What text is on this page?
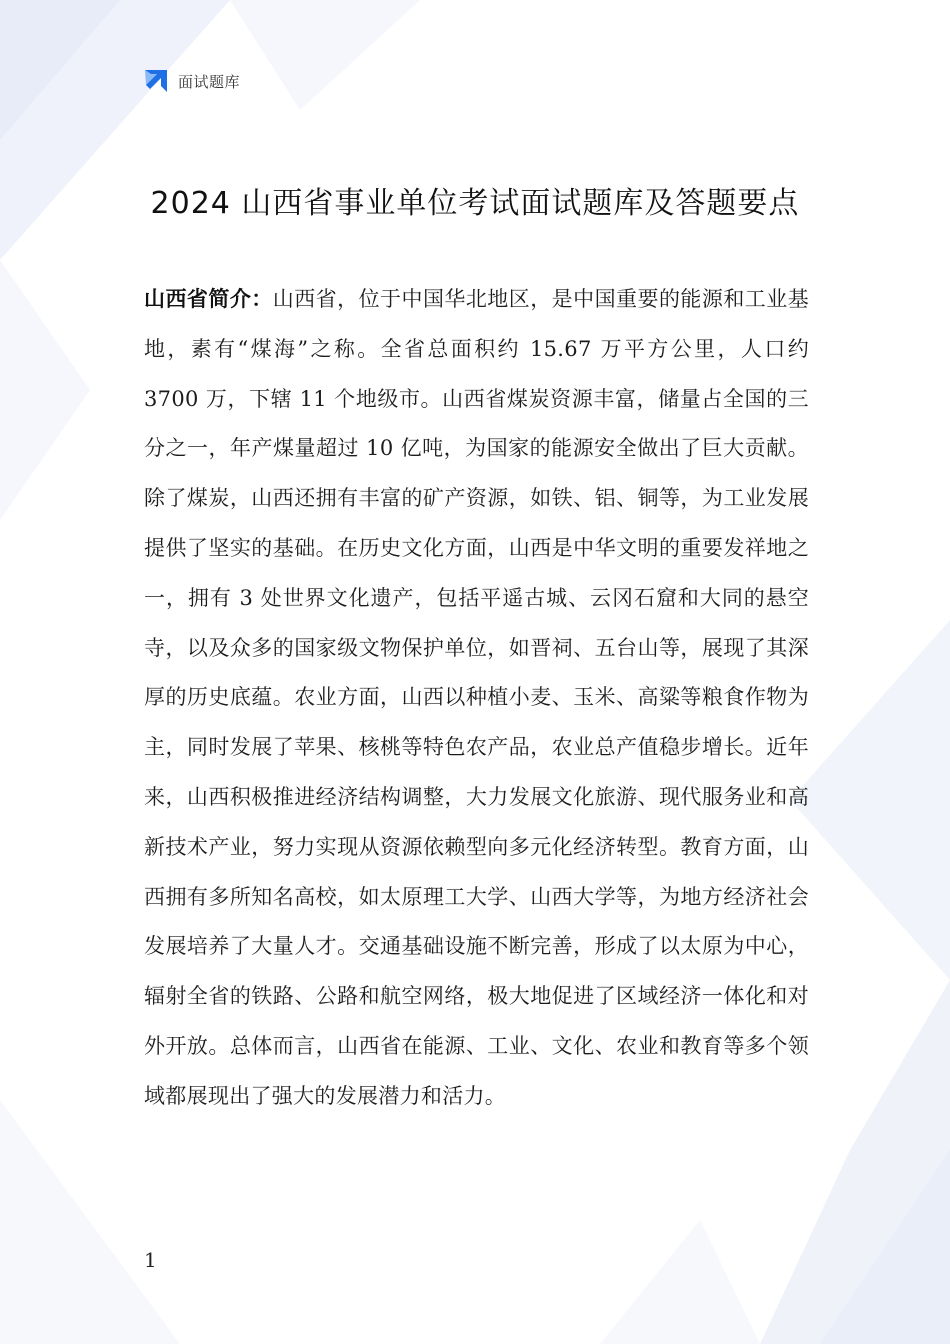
面试题库
2024 山西省事业单位考试面试题库及答题要点

山西省简介：山西省，位于中国华北地区，是中国重要的能源和工业基地，素有“煤海”之称。全省总面积约 15.67 万平方公里，人口约 3700 万，下辖 11 个地级市。山西省煤炭资源丰富，储量占全国的三分之一，年产煤量超过 10 亿吨，为国家的能源安全做出了巨大贡献。除了煤炭，山西还拥有丰富的矿产资源，如铁、铝、铜等，为工业发展提供了坚实的基础。在历史文化方面，山西是中华文明的重要发祥地之一，拥有 3 处世界文化遗产，包括平遥古城、云冈石窟和大同的悬空寺，以及众多的国家级文物保护单位，如晋祠、五台山等，展现了其深厚的历史底蕴。农业方面，山西以种植小麦、玉米、高粱等粮食作物为主，同时发展了苹果、核桃等特色农产品，农业总产值稳步增长。近年来，山西积极推进经济结构调整，大力发展文化旅游、现代服务业和高新技术产业，努力实现从资源依赖型向多元化经济转型。教育方面，山西拥有多所知名高校，如太原理工大学、山西大学等，为地方经济社会发展培养了大量人才。交通基础设施不断完善，形成了以太原为中心，辐射全省的铁路、公路和航空网络，极大地促进了区域经济一体化和对外开放。总体而言，山西省在能源、工业、文化、农业和教育等多个领域都展现出了强大的发展潜力和活力。

1
